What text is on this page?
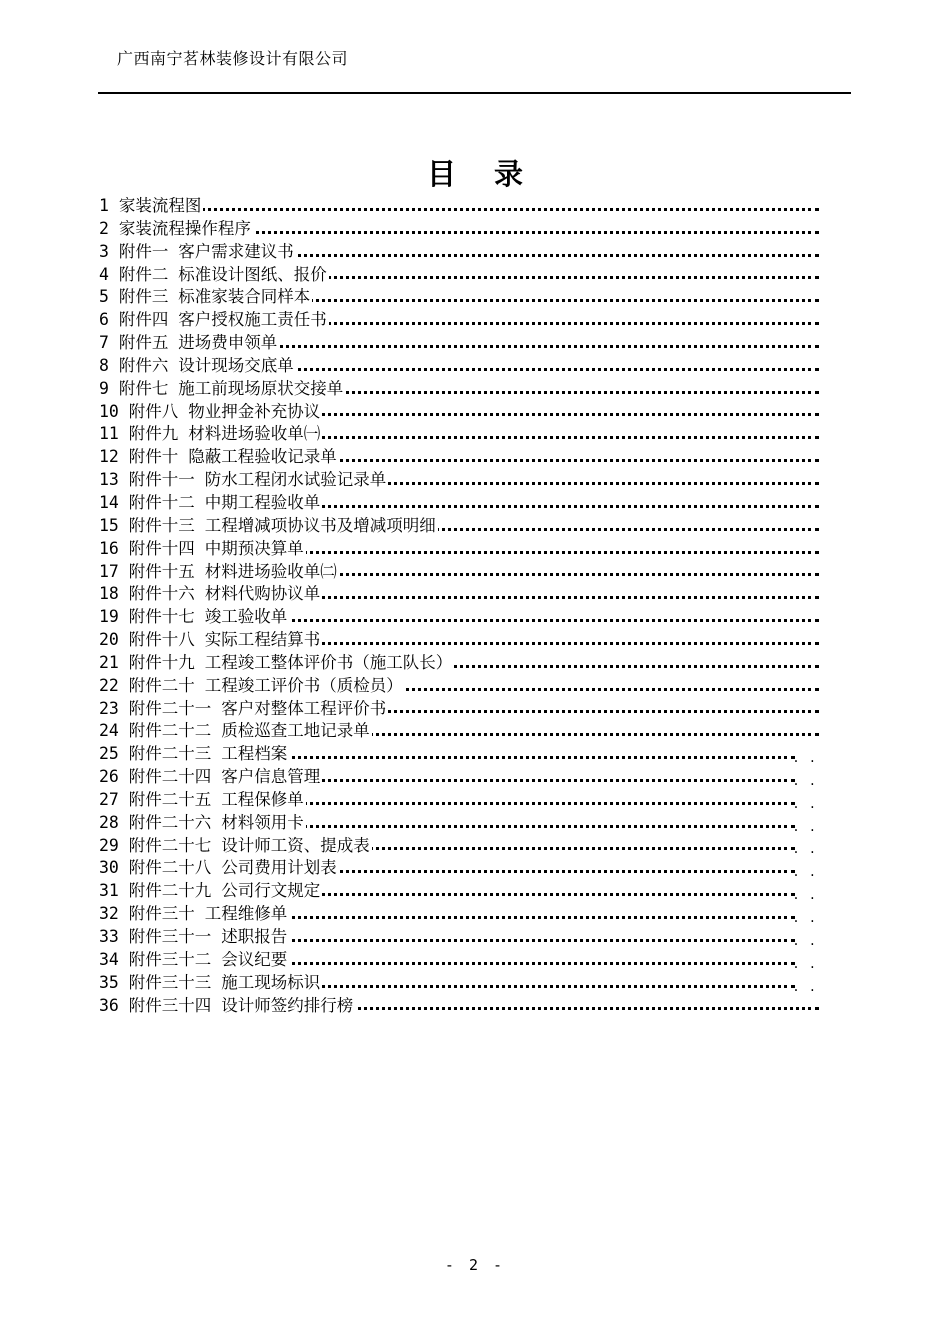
广西南宁茗林装修设计有限公司
目 录
1 家装流程图
2 家装流程操作程序
3 附件一 客户需求建议书
4 附件二 标准设计图纸、报价
5 附件三 标准家装合同样本
6 附件四 客户授权施工责任书
7 附件五 进场费申领单
8 附件六 设计现场交底单
9 附件七 施工前现场原状交接单
10 附件八 物业押金补充协议
11 附件九 材料进场验收单㈠
12 附件十 隐蔽工程验收记录单
13 附件十一 防水工程闭水试验记录单
14 附件十二 中期工程验收单
15 附件十三 工程增减项协议书及增减项明细
16 附件十四 中期预决算单
17 附件十五 材料进场验收单㈡
18 附件十六 材料代购协议单
19 附件十七 竣工验收单
20 附件十八 实际工程结算书
21 附件十九 工程竣工整体评价书（施工队长）
22 附件二十 工程竣工评价书（质检员）
23 附件二十一 客户对整体工程评价书
24 附件二十二 质检巡查工地记录单
25 附件二十三 工程档案 . .
26 附件二十四 客户信息管理 . .
27 附件二十五 工程保修单 . .
28 附件二十六 材料领用卡 . .
29 附件二十七 设计师工资、提成表 . .
30 附件二十八 公司费用计划表 . .
31 附件二十九 公司行文规定 . .
32 附件三十 工程维修单 . .
33 附件三十一 述职报告 . .
34 附件三十二 会议纪要 . .
35 附件三十三 施工现场标识 . .
36 附件三十四 设计师签约排行榜
- 2 -
